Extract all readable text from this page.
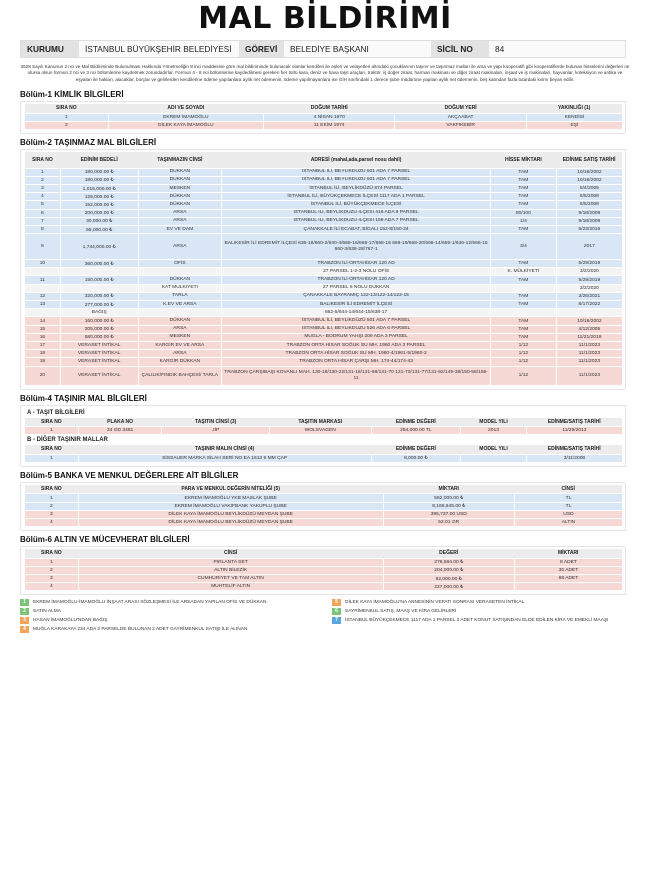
MAL BİLDİRİMİ
KURUMU	İSTANBUL BÜYÜKŞEHİR BELEDİYESİ	GÖREVİ	BELEDİYE BAŞKANI	SİCİL NO	84
3628 Sayılı Kanunun 2 nci ve Mal Bildiriminde Bulunulması Hakkında Yönetmeliğin 8 inci maddesine göre mal bildiriminde bulunacak olanlar kendileri ile eşleri ve velayetleri altındaki çocuklarının taşınır ve taşınmaz malları ile arsa ve yapı kooperatifi gibi kooperatiflerde bulunan hisselerini değerleri ne olursa olsun formun 2 nci ve 3 nci bölümlerine kaydetmek zorundadırlar. Formun 4 - 8 nci bölümlerine kaydedilmesi gereken her türlü kara, deniz ve hava taşıt araçları, traktör, iş doğer ziraat, harman makinası ve diğer ziraat makinaları, inşaat ve iş makinaları, hayvanlar, koleksiyon ve antika ve eşyaları ile hakları, alacaklar, borçlar ve gelirlerden kendilerine ödeme yapılanlara aylık net ödemenin, ödeme yapılmayanlara ise GİH sınıfındaki 1 derece şube müdürüne yapılan aylık net ödemenin, beş katından fazla tutardaki kısmı beyan edilir.
Bölüm-1 KİMLİK BİLGİLERİ
SIRA NO	ADI VE SOYADI	DOĞUM TARİHİ	DOĞUM YERİ	YAKINLIĞI (1)
1	EKREM İMAMOĞLU	4 NİSAN 1970	AKÇAABAT	KENDİSİ
2	DİLEK KAYA İMAMOĞLU	11 EKİM 1974	VAKFIKEBİR	EŞİ
Bölüm-2 TAŞINMAZ MAL BİLGİLERİ
SIRA NO	EDİNİM BEDELİ	TAŞINMAZIN CİNSİ	ADRESİ (mahal,ada,parsel nosu dahil)	HİSSE MİKTARI	EDİNME SATIŞ TARİHİ
1	180,000.00 ₺	DÜKKAN	İSTANBUL İLİ, BEYLİKDÜZÜ 501 ADA 7 PARSEL	TAM	10/16/2002
2	180,000.00 ₺	DÜKKAN	İSTANBUL İLİ, BEYLİKDÜZÜ 501 ADA 7 PARSEL	TAM	10/16/2002
3	1,015,000.00 ₺	MESKEN	İSTANBUL İLİ, BEYLİKDÜZÜ 874 PARSEL	TAM	5/4/2005
4	125,000.00 ₺	DÜKKAN	İSTANBUL İLİ, BÜYÜKÇEKMECE İLÇESİ 1117 ADA 1 PARSEL	TAM	6/5/2008
5	152,000.00 ₺	DÜKKAN	İSTANBUL İLİ, BÜYÜKÇEKMECE İLÇESİ	TAM	6/5/2008
6	200,000.00 ₺	ARSA	İSTANBUL İLİ, BEYLİKDÜZÜ İLÇESİ 416 ADA 9 PARSEL	80/100	9/18/2008
7	30,000.00 ₺	ARSA	İSTANBUL İLİ, BEYLİKDÜZÜ İLÇESİ 158 ADA 7 PARSEL	1/4	9/18/2008
8	55,000.00 ₺	EV VE DAM	ÇANAKKALE İLİ ECABAT, BİGALI 152-8/150-24	TAM	5/23/2016
9	1,744,000.00 ₺	ARSA	BALIKESİR İLİ EDREMİT İLÇESİ 636-18/660-2/640-4/668-16/668-17/668-18 669-19/668-20/668-14/659-1/636-12/668-15 660-3/636-28/767-1	3/4	2017
10	360,000.00 ₺	OFİS	TRABZON İLİ-ORTAHİSAR 120 AD	TAM	5/29/2019
			27 PARSEL 1-2-3 NOLU OFİS	K. MÜLKİYETİ	3/2/2020
11	150,000.00 ₺	DÜKKAN	TRABZON İLİ-ORTAHİSAR 120 AD	TAM	5/29/2019
		KAT MÜLKİYETİ	27 PARSEL 5 NOLU DÜKKAN		3/2/2020
12	320,000.00 ₺	TARLA	ÇANAKKALE BAYRAMİÇ 122-13/122-14/122-15	TAM	3/26/2021
13	277,000.00 ₺	K.EV VE ARSA	BALIKESİR İLİ EDREMİT İLÇESİ	TAM	8/17/2022
	BAĞIŞ		662-5/644-14/644-15/638-17		
14	160,000.00 ₺	DÜKKAN	İSTANBUL İLİ, BEYLİKDÜZÜ 501 ADA 7 PARSEL	TAM	10/16/2002
15	205,000.00 ₺	ARSA	İSTANBUL İLİ, BEYLİKDÜZÜ 526 ADA 6 PARSEL	TAM	4/12/2005
16	680,000.00 ₺	MESKEN	MUĞLA - BODRUM YAHŞİ 209 ADA 3 PARSEL	TAM	11/21/2019
17	VERASET İNTİKAL	KARGİR EV VE ARSA	TRABZON ORTA HİSAR SOĞUK SU MH. 1960 ADA 3 PARSEL	1/12	11/1/2023
18	VERASET İNTİKAL	ARSA	TRABZON ORTA HİSAR SOĞUK SU MH. 1960-4/1961-5/1960-2	1/12	11/1/2023
19	VERASET İNTİKAL	KARGİR DÜKKAN	TRABZON ORTA HİSAR ÇARŞI MH. 174-44/174-43	1/12	11/1/2023
20	VERASET İNTİKAL	ÇALILIK/FINDIK BAHÇESİ/ TARLA	TRABZON ÇARŞIBAŞI KOVANLI MAH. 130-18/130-22/131-18/131-68/131-70 131-73/131-77/131-92/149-38/150-58/155-11	1/12	11/1/2023
Bölüm-4 TAŞINIR MAL BİLGİLERİ
A - TAŞIT BİLGİLERİ
SIRA NO	PLAKA NO	TAŞITIN CİNSİ (3)	TAŞITIN MARKASI	EDİNME DEĞERİ	MODEL YILI	EDİNME/SATIŞ TARİHİ
1	34 GD 3481	JİP	WOLSVAGEN	254,000.00 TL	2013	11/29/2013
B - DİĞER TAŞINIR MALLAR
SIRA NO	TAŞINIR MALIN CİNSİ (4)	EDİNME DEĞERİ	MODEL YILI	EDİNME/SATIŞ TARİHİ
1	SİSSAUER MARKA SİLAH SERİ NO.EA 1613 9 MM ÇAP	8,000.00 ₺		3/11/2008
Bölüm-5 BANKA VE MENKUL DEĞERLERE AİT BİLGİLER
SIRA NO	PARA VE MENKUL DEĞERİN NİTELİĞİ (5)	MİKTARI	CİNSİ
1	EKREM İMAMOĞLU YKB MASLAK ŞUBE	562,000.00 ₺	TL
2	EKREM İMAMOĞLU VAKIFBANK YAKUPLU ŞUBE	8,166,645.00 ₺	TL
3	DİLEK KAYA İMAMOĞLU BEYLİKDÜZÜ MEYDAN ŞUBE	395,737.00 USD	USD
4	DİLEK KAYA İMAMOĞLU BEYLİKDÜZÜ MEYDAN ŞUBE	52.01 GR	ALTIN
Bölüm-6 ALTIN VE MÜCEVHERAT BİLGİLERİ
SIRA NO	CİNSİ	DEĞERİ	MİKTARI
1	PIRLANTA SET	279,584.00 ₺	8 ADET
2	ALTIN BİLEZİK	204,000.00 ₺	35 ADET
3	CUMHURİYET VE TAM ALTIN	92,000.00 ₺	68 ADET
4	MUHTELİF ALTIN	227,000.00 ₺	
1	EKREM İMAMOĞLU-İMAMOĞLU İNŞAAT ARASI SÖZLEŞMESİ İLE ARSADAN YAPILAN OFİS VE DÜKKAN	5	DİLEK KAYA İMAMOĞLU'NA ANNESİNİN VEFATI SONRASI VERASETEN İNTİKAL
2	SATIN ALMA	6	SAYRİMENKUL SATIŞ, MAAŞ VE KİRA GELİRLERİ
3	HASAN İMAMOĞLU'NDAN BAĞIŞ	7	İSTANBUL BÜYÜKÇEKMECE 1117 ADA 1 PARSEL 3 ADET KONUT SATIŞINDAN ELDE EDİLEN KİRA VE EMEKLİ MAAŞI
4	MUĞLA KARAKAYA 234 ADA 2 PARSELDE BULUNAN 2 ADET GAYRİMENKUL SATIŞI İLE ALINAN
